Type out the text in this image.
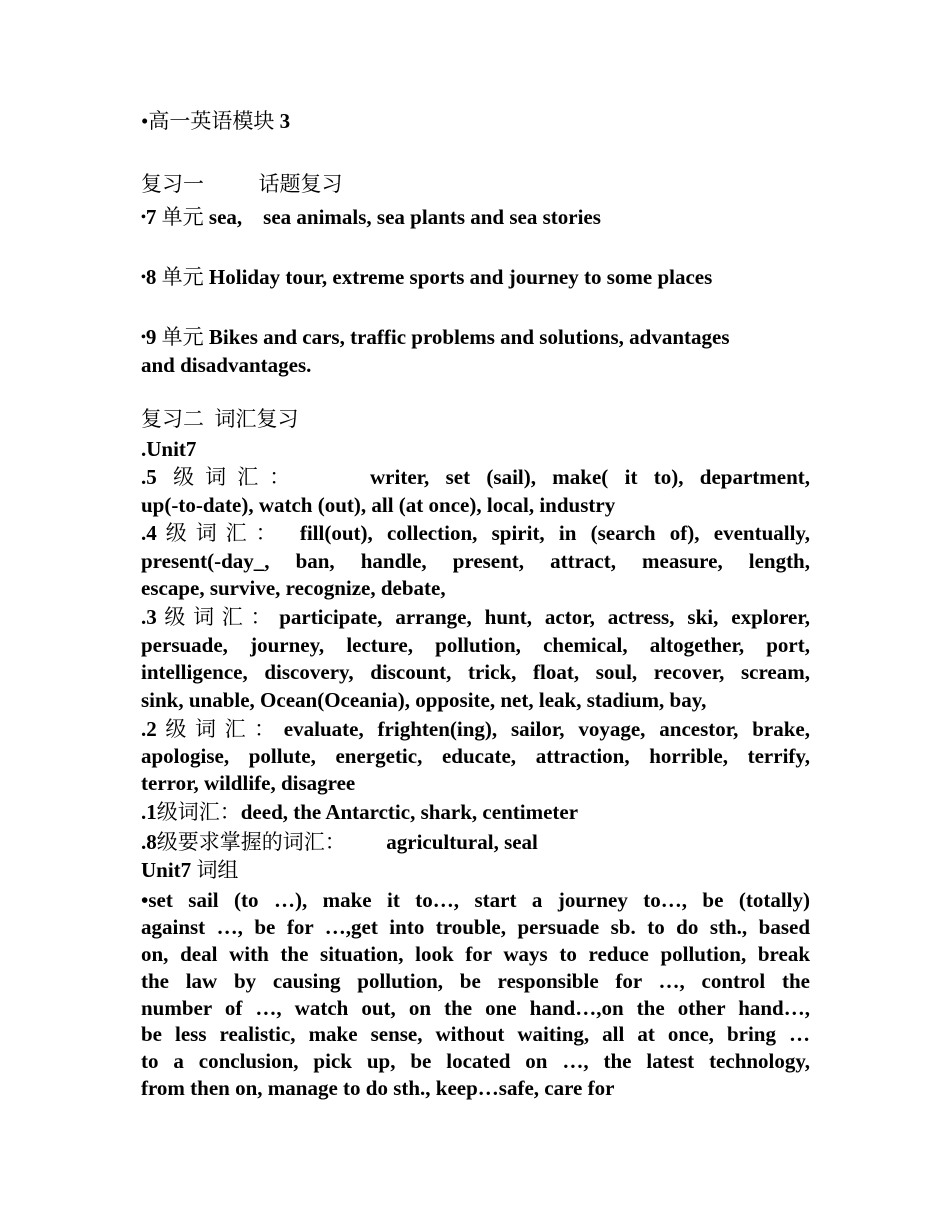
•高一英语模块 3
复习一	话题复习
•7 单元 sea,    sea animals, sea plants and sea stories
•8 单元 Holiday tour, extreme sports and journey to some places
•9 单元 Bikes and cars, traffic problems and solutions, advantages
and disadvantages.
复习二  词汇复习
.Unit7
.5 级词汇：	writer, set (sail), make( it to), department,
up(-to-date), watch (out), all (at once), local, industry
.4级词汇： fill(out), collection, spirit, in (search of), eventually,
present(-day_, ban, handle, present, attract, measure, length,
escape, survive, recognize, debate,
.3级词汇：participate, arrange, hunt, actor, actress, ski, explorer,
persuade, journey, lecture, pollution, chemical, altogether, port,
intelligence, discovery, discount, trick, float, soul, recover, scream,
sink, unable, Ocean(Oceania), opposite, net, leak, stadium, bay,
.2级词汇：evaluate, frighten(ing), sailor, voyage, ancestor, brake,
apologise, pollute, energetic, educate, attraction, horrible, terrify,
terror, wildlife, disagree
.1级词汇：deed, the Antarctic, shark, centimeter
.8级要求掌握的词汇： agricultural, seal
Unit7 词组
•set sail (to …), make it to…, start a journey to…, be (totally)
against …, be for …,get into trouble, persuade sb. to do sth., based
on, deal with the situation, look for ways to reduce pollution, break
the law by causing pollution, be responsible for …, control the
number of …, watch out, on the one hand…,on the other hand…,
be less realistic, make sense, without waiting, all at once, bring …
to a conclusion, pick up, be located on …, the latest technology,
from then on, manage to do sth., keep…safe, care for
